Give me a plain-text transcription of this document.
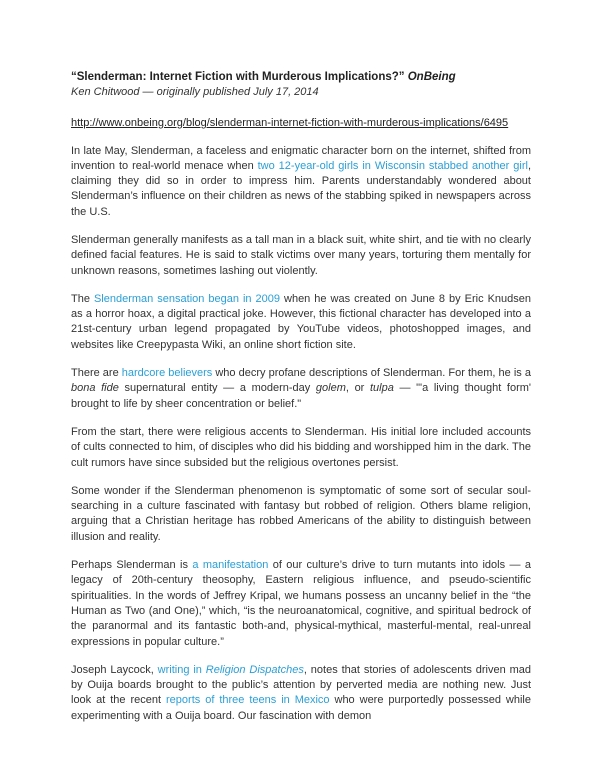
“Slenderman: Internet Fiction with Murderous Implications?” OnBeing
Ken Chitwood — originally published July 17, 2014
http://www.onbeing.org/blog/slenderman-internet-fiction-with-murderous-implications/6495

In late May, Slenderman, a faceless and enigmatic character born on the internet, shifted from invention to real-world menace when two 12-year-old girls in Wisconsin stabbed another girl, claiming they did so in order to impress him. Parents understandably wondered about Slenderman’s influence on their children as news of the stabbing spiked in newspapers across the U.S.

Slenderman generally manifests as a tall man in a black suit, white shirt, and tie with no clearly defined facial features. He is said to stalk victims over many years, torturing them mentally for unknown reasons, sometimes lashing out violently.

The Slenderman sensation began in 2009 when he was created on June 8 by Eric Knudsen as a horror hoax, a digital practical joke. However, this fictional character has developed into a 21st-century urban legend propagated by YouTube videos, photoshopped images, and websites like Creepypasta Wiki, an online short fiction site.

There are hardcore believers who decry profane descriptions of Slenderman. For them, he is a bona fide supernatural entity — a modern-day golem, or tulpa — "'a living thought form' brought to life by sheer concentration or belief."

From the start, there were religious accents to Slenderman. His initial lore included accounts of cults connected to him, of disciples who did his bidding and worshipped him in the dark. The cult rumors have since subsided but the religious overtones persist.

Some wonder if the Slenderman phenomenon is symptomatic of some sort of secular soul-searching in a culture fascinated with fantasy but robbed of religion. Others blame religion, arguing that a Christian heritage has robbed Americans of the ability to distinguish between illusion and reality.

Perhaps Slenderman is a manifestation of our culture’s drive to turn mutants into idols — a legacy of 20th-century theosophy, Eastern religious influence, and pseudo-scientific spiritualities. In the words of Jeffrey Kripal, we humans possess an uncanny belief in the “the Human as Two (and One),” which, “is the neuroanatomical, cognitive, and spiritual bedrock of the paranormal and its fantastic both-and, physical-mythical, masterful-mental, real-unreal expressions in popular culture.”

Joseph Laycock, writing in Religion Dispatches, notes that stories of adolescents driven mad by Ouija boards brought to the public’s attention by perverted media are nothing new. Just look at the recent reports of three teens in Mexico who were purportedly possessed while experimenting with a Ouija board. Our fascination with demon
